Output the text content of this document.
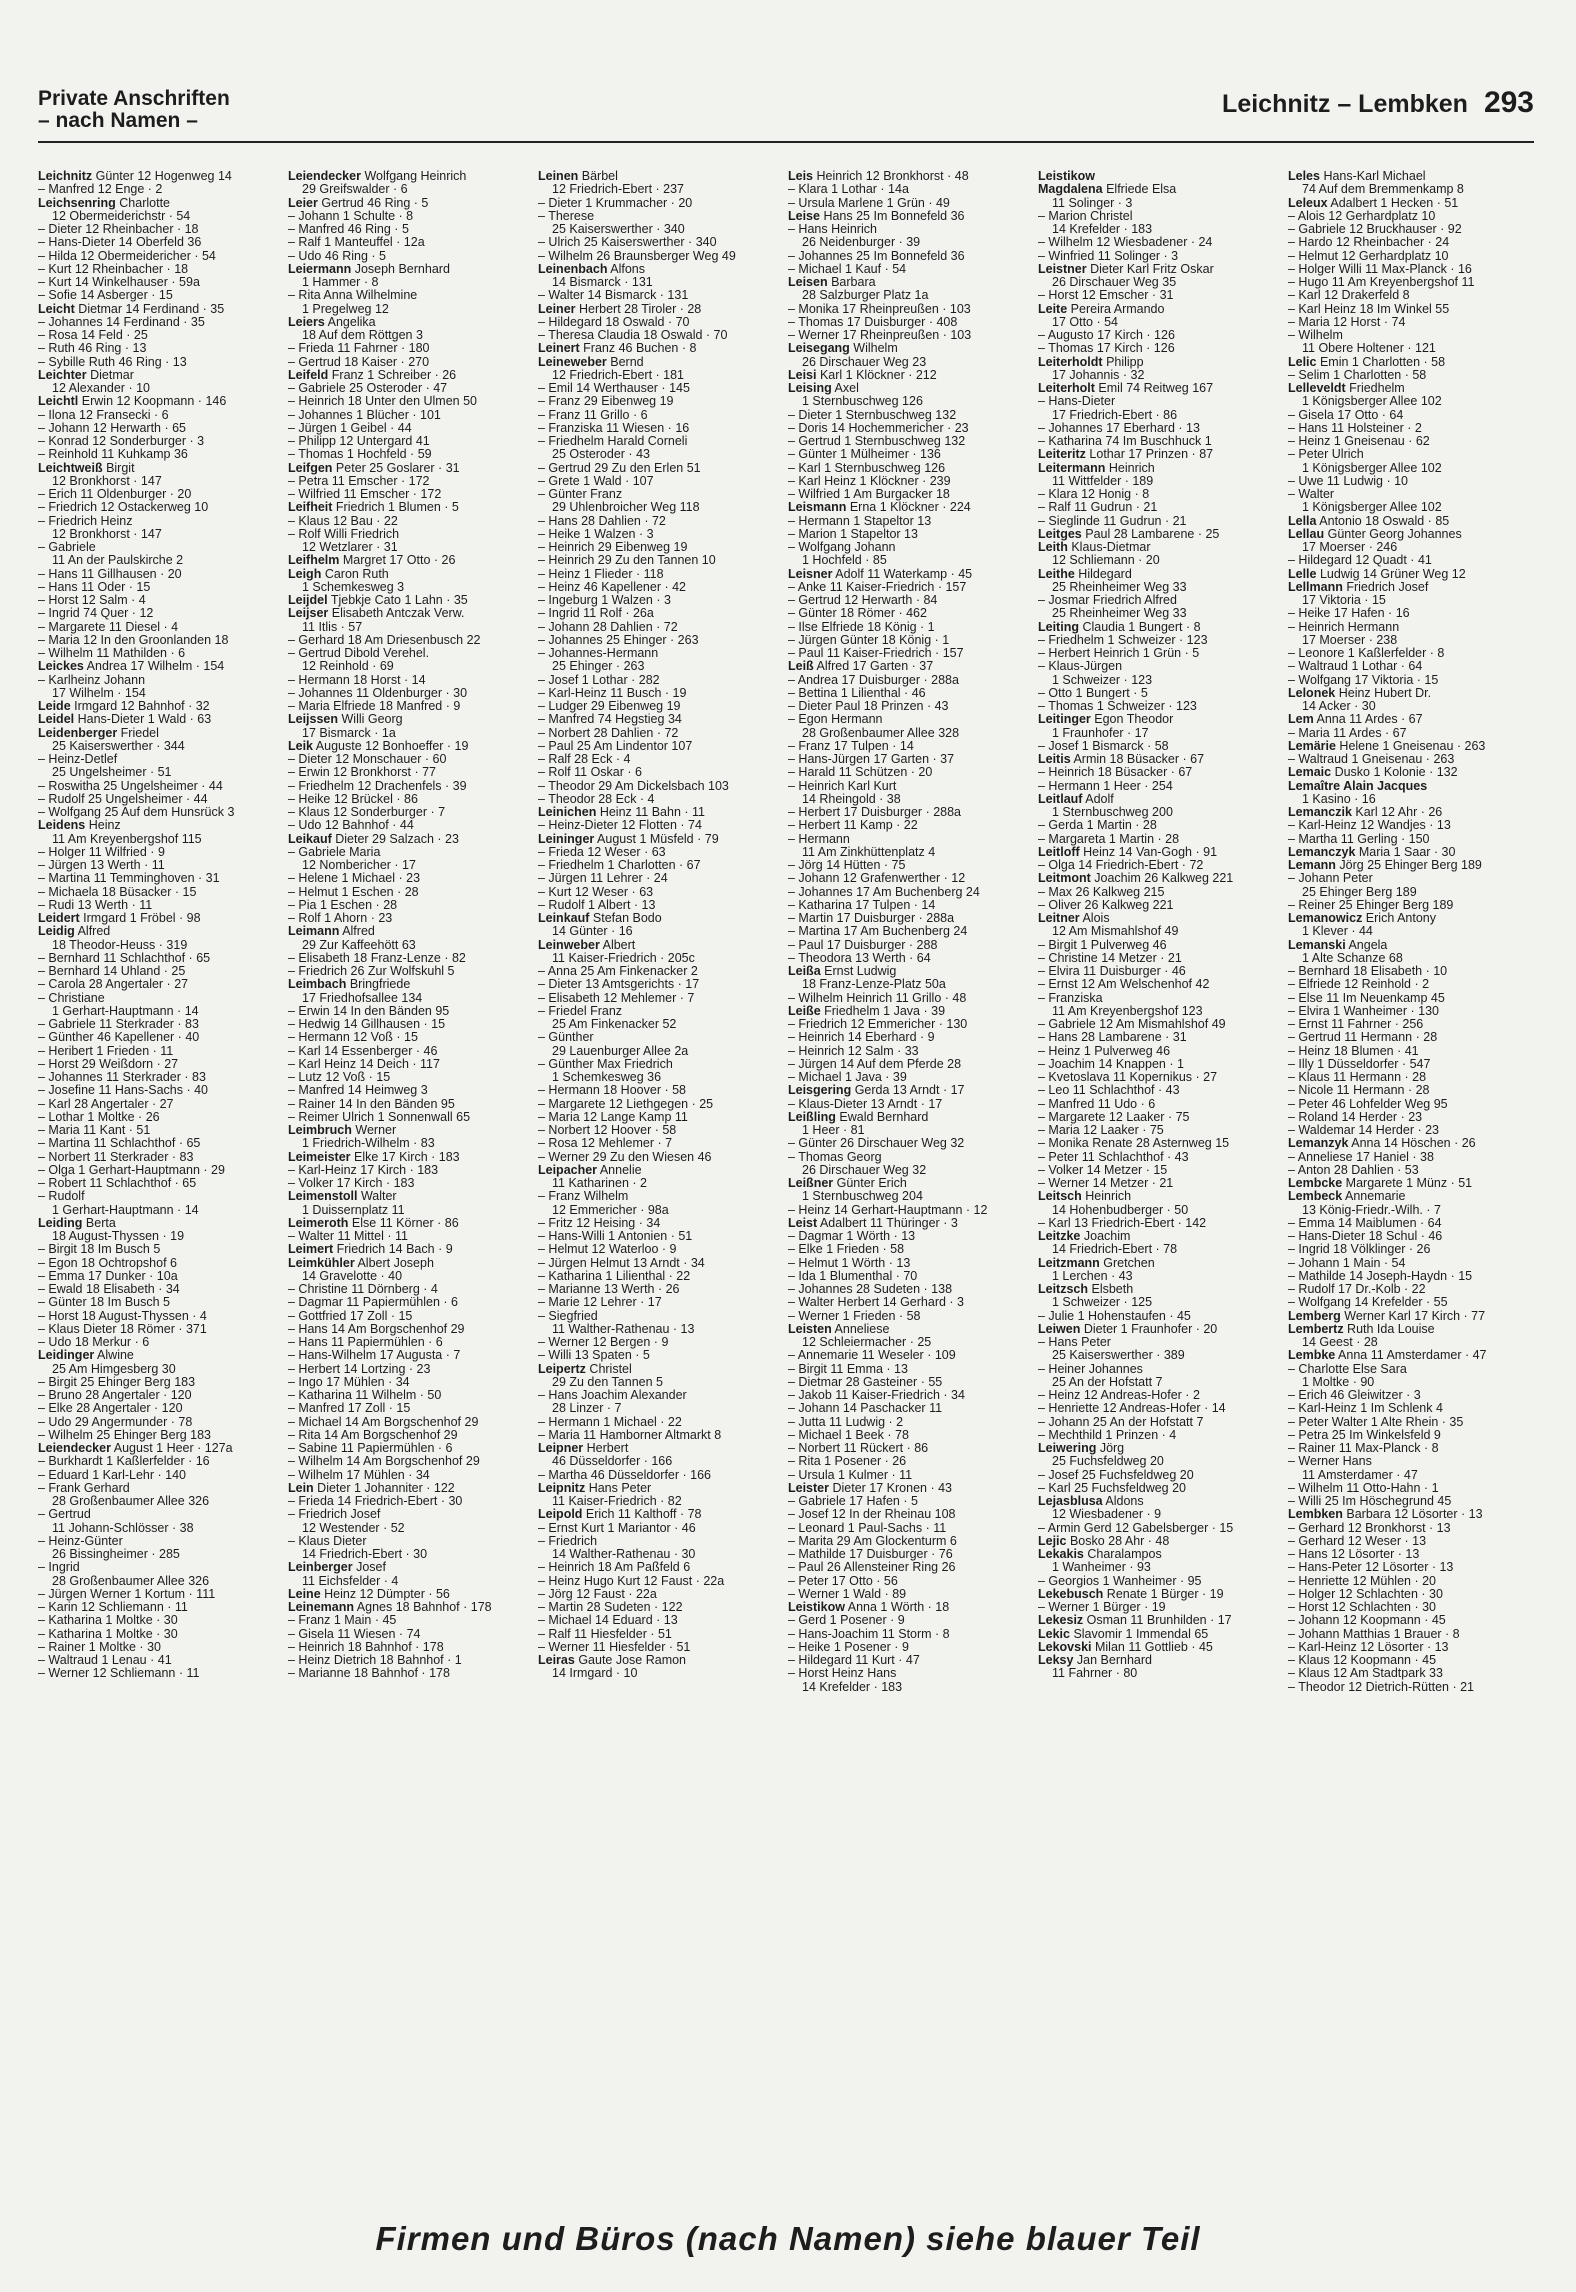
Private Anschriften
– nach Namen –
Leichnitz – Lembken 293
Leichnitz Günter 12 Hogenweg 14
– Manfred 12 Enge · 2
Leichsenring Charlotte
12 Obermeiderichstr · 54
– Dieter 12 Rheinbacher · 18
– Hans-Dieter 14 Oberfeld 36
– Hilda 12 Obermeidericher · 54
– Kurt 12 Rheinbacher · 18
– Kurt 14 Winkelhauser · 59a
– Sofie 14 Asberger · 15
Leicht Dietmar 14 Ferdinand · 35
– Johannes 14 Ferdinand · 35
– Rosa 14 Feld · 25
– Ruth 46 Ring · 13
– Sybille Ruth 46 Ring · 13
Leichter Dietmar
12 Alexander · 10
Leichtl Erwin 12 Koopmann · 146
– Ilona 12 Fransecki · 6
– Johann 12 Herwarth · 65
– Konrad 12 Sonderburger · 3
– Reinhold 11 Kuhkamp 36
Leichtweiß Birgit
12 Bronkhorst · 147
– Erich 11 Oldenburger · 20
– Friedrich 12 Ostackerweg 10
– Friedrich Heinz
12 Bronkhorst · 147
– Gabriele
11 An der Paulskirche 2
– Hans 11 Gillhausen · 20
– Hans 11 Oder · 15
– Horst 12 Salm · 4
– Ingrid 74 Quer · 12
– Margarete 11 Diesel · 4
– Maria 12 In den Groonlanden 18
– Wilhelm 11 Mathilden · 6
Leickes Andrea 17 Wilhelm · 154
– Karlheinz Johann
17 Wilhelm · 154
Leide Irmgard 12 Bahnhof · 32
Leidel Hans-Dieter 1 Wald · 63
Leidenberger Friedel
25 Kaiserswerther · 344
– Heinz-Detlef
25 Ungelsheimer · 51
– Roswitha 25 Ungelsheimer · 44
– Rudolf 25 Ungelsheimer · 44
– Wolfgang 25 Auf dem Hunsrück 3
Leidens Heinz
11 Am Kreyenbergshof 115
– Holger 11 Wilfried · 9
– Jürgen 13 Werth · 11
– Martina 11 Temminghoven · 31
– Michaela 18 Büsacker · 15
– Rudi 13 Werth · 11
Leidert Irmgard 1 Fröbel · 98
Leidig Alfred
18 Theodor-Heuss · 319
– Bernhard 11 Schlachthof · 65
– Bernhard 14 Uhland · 25
– Carola 28 Angertaler · 27
– Christiane
1 Gerhart-Hauptmann · 14
– Gabriele 11 Sterkrader · 83
– Günther 46 Kapellener · 40
– Heribert 1 Frieden · 11
– Horst 29 Weißdorn · 27
– Johannes 11 Sterkrader · 83
– Josefine 11 Hans-Sachs · 40
– Karl 28 Angertaler · 27
– Lothar 1 Moltke · 26
– Maria 11 Kant · 51
– Martina 11 Schlachthof · 65
– Norbert 11 Sterkrader · 83
– Olga 1 Gerhart-Hauptmann · 29
– Robert 11 Schlachthof · 65
– Rudolf
1 Gerhart-Hauptmann · 14
Leiding Berta
18 August-Thyssen · 19
– Birgit 18 Im Busch 5
– Egon 18 Ochtropshof 6
– Emma 17 Dunker · 10a
– Ewald 18 Elisabeth · 34
– Günter 18 Im Busch 5
– Horst 18 August-Thyssen · 4
– Klaus Dieter 18 Römer · 371
– Udo 18 Merkur · 6
Leidinger Alwine
25 Am Himgesberg 30
– Birgit 25 Ehinger Berg 183
– Bruno 28 Angertaler · 120
– Elke 28 Angertaler · 120
– Udo 29 Angermunder · 78
– Wilhelm 25 Ehinger Berg 183
Leiendecker August 1 Heer · 127a
– Burkhardt 1 Kaßlerfelder · 16
– Eduard 1 Karl-Lehr · 140
– Frank Gerhard
28 Großenbaumer Allee 326
– Gertrud
11 Johann-Schlösser · 38
– Heinz-Günter
26 Bissingheimer · 285
– Ingrid
28 Großenbaumer Allee 326
– Jürgen Werner 1 Kortum · 111
– Karin 12 Schliemann · 11
– Katharina 1 Moltke · 30
– Katharina 1 Moltke · 30
– Rainer 1 Moltke · 30
– Waltraud 1 Lenau · 41
– Werner 12 Schliemann · 11
Leiendecker Wolfgang Heinrich
29 Greifswalder · 6
Leier Gertrud 46 Ring · 5
– Johann 1 Schulte · 8
– Manfred 46 Ring · 5
– Ralf 1 Manteuffel · 12a
– Udo 46 Ring · 5
Leiermann Joseph Bernhard
1 Hammer · 8
– Rita Anna Wilhelmine
1 Pregelweg 12
Leiers Angelika
18 Auf dem Röttgen 3
– Frieda 11 Fahrner · 180
– Gertrud 18 Kaiser · 270
Leifeld Franz 1 Schreiber · 26
– Gabriele 25 Osteroder · 47
– Heinrich 18 Unter den Ulmen 50
– Johannes 1 Blücher · 101
– Jürgen 1 Geibel · 44
– Philipp 12 Untergard 41
– Thomas 1 Hochfeld · 59
Leifgen Peter 25 Goslarer · 31
– Petra 11 Emscher · 172
– Wilfried 11 Emscher · 172
Leifheit Friedrich 1 Blumen · 5
– Klaus 12 Bau · 22
– Rolf Willi Friedrich
12 Wetzlarer · 31
Leifhelm Margret 17 Otto · 26
Leigh Caron Ruth
1 Schemkesweg 3
Leijdel Tjebkje Cato 1 Lahn · 35
Leijser Elisabeth Antczak Verw.
11 Itlis · 57
– Gerhard 18 Am Driesenbusch 22
– Gertrud Dibold Verehel.
12 Reinhold · 69
– Hermann 18 Horst · 14
– Johannes 11 Oldenburger · 30
– Maria Elfriede 18 Manfred · 9
Leijssen Willi Georg
17 Bismarck · 1a
Leik Auguste 12 Bonhoeffer · 19
– Dieter 12 Monschauer · 60
– Erwin 12 Bronkhorst · 77
– Friedhelm 12 Drachenfels · 39
– Heike 12 Brückel · 86
– Klaus 12 Sonderburger · 7
– Udo 12 Bahnhof · 44
Leikauf Dieter 29 Salzach · 23
– Gabriele Maria
12 Nombericher · 17
– Helene 1 Michael · 23
– Helmut 1 Eschen · 28
– Pia 1 Eschen · 28
– Rolf 1 Ahorn · 23
Leimann Alfred
29 Zur Kaffeehött 63
– Elisabeth 18 Franz-Lenze · 82
– Friedrich 26 Zur Wolfskuhl 5
Leimbach Bringfriede
17 Friedhofsallee 134
– Erwin 14 In den Bänden 95
– Hedwig 14 Gillhausen · 15
– Hermann 12 Voß · 15
– Karl 14 Essenberger · 46
– Karl Heinz 14 Deich · 117
– Lutz 12 Voß · 15
– Manfred 14 Heimweg 3
– Rainer 14 In den Bänden 95
– Reimer Ulrich 1 Sonnenwall 65
Leimbruch Werner
1 Friedrich-Wilhelm · 83
Leimeister Elke 17 Kirch · 183
– Karl-Heinz 17 Kirch · 183
– Volker 17 Kirch · 183
Leimenstoll Walter
1 Duissernplatz 11
Leimeroth Else 11 Körner · 86
– Walter 11 Mittel · 11
Leimert Friedrich 14 Bach · 9
Leimkühler Albert Joseph
14 Gravelotte · 40
– Christine 11 Dörnberg · 4
– Dagmar 11 Papiermühlen · 6
– Gottfried 17 Zoll · 15
– Hans 14 Am Borgschenhof 29
– Hans 11 Papiermühlen · 6
– Hans-Wilhelm 17 Augusta · 7
– Herbert 14 Lortzing · 23
– Ingo 17 Mühlen · 34
– Katharina 11 Wilhelm · 50
– Manfred 17 Zoll · 15
– Michael 14 Am Borgschenhof 29
– Rita 14 Am Borgschenhof 29
– Sabine 11 Papiermühlen · 6
– Wilhelm 14 Am Borgschenhof 29
– Wilhelm 17 Mühlen · 34
Lein Dieter 1 Johanniter · 122
– Frieda 14 Friedrich-Ebert · 30
– Friedrich Josef
12 Westender · 52
– Klaus Dieter
14 Friedrich-Ebert · 30
Leinberger Josef
11 Eichsfelder · 4
Leine Heinz 12 Dümpter · 56
Leinemann Agnes 18 Bahnhof · 178
– Franz 1 Main · 45
– Gisela 11 Wiesen · 74
– Heinrich 18 Bahnhof · 178
– Heinz Dietrich 18 Bahnhof · 1
– Marianne 18 Bahnhof · 178
Leinen Bärbel
12 Friedrich-Ebert · 237
– Dieter 1 Krummacher · 20
– Therese
25 Kaiserswerther · 340
– Ulrich 25 Kaiserswerther · 340
– Wilhelm 26 Braunsberger Weg 49
Leinenbach Alfons
14 Bismarck · 131
– Walter 14 Bismarck · 131
Leiner Herbert 28 Tiroler · 28
– Hildegard 18 Oswald · 70
– Theresa Claudia 18 Oswald · 70
Leinert Franz 46 Buchen · 8
Leineweber Bernd
12 Friedrich-Ebert · 181
– Emil 14 Werthauser · 145
– Franz 29 Eibenweg 19
– Franz 11 Grillo · 6
– Franziska 11 Wiesen · 16
– Friedhelm Harald Corneli
25 Osteroder · 43
– Gertrud 29 Zu den Erlen 51
– Grete 1 Wald · 107
– Günter Franz
29 Uhlenbroicher Weg 118
– Hans 28 Dahlien · 72
– Heike 1 Walzen · 3
– Heinrich 29 Eibenweg 19
– Heinrich 29 Zu den Tannen 10
– Heinz 1 Flieder · 118
– Heinz 46 Kapellener · 42
– Ingeburg 1 Walzen · 3
– Ingrid 11 Rolf · 26a
– Johann 28 Dahlien · 72
– Johannes 25 Ehinger · 263
– Johannes-Hermann
25 Ehinger · 263
– Josef 1 Lothar · 282
– Karl-Heinz 11 Busch · 19
– Ludger 29 Eibenweg 19
– Manfred 74 Hegstieg 34
– Norbert 28 Dahlien · 72
– Paul 25 Am Lindentor 107
– Ralf 28 Eck · 4
– Rolf 11 Oskar · 6
– Theodor 29 Am Dickelsbach 103
– Theodor 28 Eck · 4
Leinichen Heinz 11 Bahn · 11
– Heinz-Dieter 12 Flotten · 74
Leininger August 1 Müsfeld · 79
– Frieda 12 Weser · 63
– Friedhelm 1 Charlotten · 67
– Jürgen 11 Lehrer · 24
– Kurt 12 Weser · 63
– Rudolf 1 Albert · 13
Leinkauf Stefan Bodo
14 Günter · 16
Leinweber Albert
11 Kaiser-Friedrich · 205c
– Anna 25 Am Finkenacker 2
– Dieter 13 Amtsgerichts · 17
– Elisabeth 12 Mehlemer · 7
– Friedel Franz
25 Am Finkenacker 52
– Günther
29 Lauenburger Allee 2a
– Günther Max Friedrich
1 Schemkesweg 36
– Hermann 18 Hoover · 58
– Margarete 12 Liethgegen · 25
– Maria 12 Lange Kamp 11
– Norbert 12 Hoover · 58
– Rosa 12 Mehlemer · 7
– Werner 29 Zu den Wiesen 46
Leipacher Annelie
11 Katharinen · 2
– Franz Wilhelm
12 Emmericher · 98a
– Fritz 12 Heising · 34
– Hans-Willi 1 Antonien · 51
– Helmut 12 Waterloo · 9
– Jürgen Helmut 13 Arndt · 34
– Katharina 1 Lilienthal · 22
– Marianne 13 Werth · 26
– Marie 12 Lehrer · 17
– Siegfried
11 Walther-Rathenau · 13
– Werner 12 Bergen · 9
– Willi 13 Spaten · 5
Leipertz Christel
29 Zu den Tannen 5
– Hans Joachim Alexander
28 Linzer · 7
– Hermann 1 Michael · 22
– Maria 11 Hamborner Altmarkt 8
Leipner Herbert
46 Düsseldorfer · 166
– Martha 46 Düsseldorfer · 166
Leipnitz Hans Peter
11 Kaiser-Friedrich · 82
Leipold Erich 11 Kalthoff · 78
– Ernst Kurt 1 Mariantor · 46
– Friedrich
14 Walther-Rathenau · 30
– Heinrich 18 Am Paßfeld 6
– Heinz Hugo Kurt 12 Faust · 22a
– Jörg 12 Faust · 22a
– Martin 28 Sudeten · 122
– Michael 14 Eduard · 13
– Ralf 11 Hiesfelder · 51
– Werner 11 Hiesfelder · 51
Leiras Gaute Jose Ramon
14 Irmgard · 10
Leis Heinrich 12 Bronkhorst · 48
– Klara 1 Lothar · 14a
– Ursula Marlene 1 Grün · 49
Leise Hans 25 Im Bonnefeld 36
– Hans Heinrich
26 Neidenburger · 39
– Johannes 25 Im Bonnefeld 36
– Michael 1 Kauf · 54
Leisen Barbara
28 Salzburger Platz 1a
– Monika 17 Rheinpreußen · 103
– Thomas 17 Duisburger · 408
– Werner 17 Rheinpreußen · 103
Leisegang Wilhelm
26 Dirschauer Weg 23
Leisi Karl 1 Klöckner · 212
Leising Axel
1 Sternbuschweg 126
– Dieter 1 Sternbuschweg 132
– Doris 14 Hochemmericher · 23
– Gertrud 1 Sternbuschweg 132
– Günter 1 Mülheimer · 136
– Karl 1 Sternbuschweg 126
– Karl Heinz 1 Klöckner · 239
– Wilfried 1 Am Burgacker 18
Leismann Erna 1 Klöckner · 224
– Hermann 1 Stapeltor 13
– Marion 1 Stapeltor 13
– Wolfgang Johann
1 Hochfeld · 85
Leisner Adolf 11 Waterkamp · 45
– Anke 11 Kaiser-Friedrich · 157
– Gertrud 12 Herwarth · 84
– Günter 18 Römer · 462
– Ilse Elfriede 18 König · 1
– Jürgen Günter 18 König · 1
– Paul 11 Kaiser-Friedrich · 157
Leiß Alfred 17 Garten · 37
– Andrea 17 Duisburger · 288a
– Bettina 1 Lilienthal · 46
– Dieter Paul 18 Prinzen · 43
– Egon Hermann
28 Großenbaumer Allee 328
– Franz 17 Tulpen · 14
– Hans-Jürgen 17 Garten · 37
– Harald 11 Schützen · 20
– Heinrich Karl Kurt
14 Rheingold · 38
– Herbert 17 Duisburger · 288a
– Herbert 11 Kamp · 22
– Hermann
11 Am Zinkhüttenplatz 4
– Jörg 14 Hütten · 75
– Johann 12 Grafenwerther · 12
– Johannes 17 Am Buchenberg 24
– Katharina 17 Tulpen · 14
– Martin 17 Duisburger · 288a
– Martina 17 Am Buchenberg 24
– Paul 17 Duisburger · 288
– Theodora 13 Werth · 64
Leißa Ernst Ludwig
18 Franz-Lenze-Platz 50a
– Wilhelm Heinrich 11 Grillo · 48
Leiße Friedhelm 1 Java · 39
– Friedrich 12 Emmericher · 130
– Heinrich 14 Eberhard · 9
– Heinrich 12 Salm · 33
– Jürgen 14 Auf dem Pferde 28
– Michael 1 Java · 39
Leisgering Gerda 13 Arndt · 17
– Klaus-Dieter 13 Arndt · 17
Leißling Ewald Bernhard
1 Heer · 81
– Günter 26 Dirschauer Weg 32
– Thomas Georg
26 Dirschauer Weg 32
Leißner Günter Erich
1 Sternbuschweg 204
– Heinz 14 Gerhart-Hauptmann · 12
Leist Adalbert 11 Thüringer · 3
– Dagmar 1 Wörth · 13
– Elke 1 Frieden · 58
– Helmut 1 Wörth · 13
– Ida 1 Blumenthal · 70
– Johannes 28 Sudeten · 138
– Walter Herbert 14 Gerhard · 3
– Werner 1 Frieden · 58
Leisten Anneliese
12 Schleiermacher · 25
– Annemarie 11 Weseler · 109
– Birgit 11 Emma · 13
– Dietmar 28 Gasteiner · 55
– Jakob 11 Kaiser-Friedrich · 34
– Johann 14 Paschacker 11
– Jutta 11 Ludwig · 2
– Michael 1 Beek · 78
– Norbert 11 Rückert · 86
– Rita 1 Posener · 26
– Ursula 1 Kulmer · 11
Leister Dieter 17 Kronen · 43
– Gabriele 17 Hafen · 5
– Josef 12 In der Rheinau 108
– Leonard 1 Paul-Sachs · 11
– Marita 29 Am Glockenturm 6
– Mathilde 17 Duisburger · 76
– Paul 26 Allensteiner Ring 26
– Peter 17 Otto · 56
– Werner 1 Wald · 89
Leistikow Anna 1 Wörth · 18
– Gerd 1 Posener · 9
– Hans-Joachim 11 Storm · 8
– Heike 1 Posener · 9
– Hildegard 11 Kurt · 47
– Horst Heinz Hans
14 Krefelder · 183
Leistikow
Magdalena Elfriede Elsa
11 Solinger · 3
– Marion Christel
14 Krefelder · 183
– Wilhelm 12 Wiesbadener · 24
– Winfried 11 Solinger · 3
Leistner Dieter Karl Fritz Oskar
26 Dirschauer Weg 35
– Horst 12 Emscher · 31
Leite Pereira Armando
17 Otto · 54
– Augusto 17 Kirch · 126
– Thomas 17 Kirch · 126
Leiterholdt Philipp
17 Johannis · 32
Leiterholt Emil 74 Reitweg 167
– Hans-Dieter
17 Friedrich-Ebert · 86
– Johannes 17 Eberhard · 13
– Katharina 74 Im Buschhuck 1
Leiteritz Lothar 17 Prinzen · 87
Leitermann Heinrich
11 Wittfelder · 189
– Klara 12 Honig · 8
– Ralf 11 Gudrun · 21
– Sieglinde 11 Gudrun · 21
Leitges Paul 28 Lambarene · 25
Leith Klaus-Dietmar
12 Schliemann · 20
Leithe Hildegard
25 Rheinheimer Weg 33
– Josmar Friedrich Alfred
25 Rheinheimer Weg 33
Leiting Claudia 1 Bungert · 8
– Friedhelm 1 Schweizer · 123
– Herbert Heinrich 1 Grün · 5
– Klaus-Jürgen
1 Schweizer · 123
– Otto 1 Bungert · 5
– Thomas 1 Schweizer · 123
Leitinger Egon Theodor
1 Fraunhofer · 17
– Josef 1 Bismarck · 58
Leitis Armin 18 Büsacker · 67
– Heinrich 18 Büsacker · 67
– Hermann 1 Heer · 254
Leitlauf Adolf
1 Sternbuschweg 200
– Gerda 1 Martin · 28
– Margareta 1 Martin · 28
Leitloff Heinz 14 Van-Gogh · 91
– Olga 14 Friedrich-Ebert · 72
Leitmont Joachim 26 Kalkweg 221
– Max 26 Kalkweg 215
– Oliver 26 Kalkweg 221
Leitner Alois
12 Am Mismahlshof 49
– Birgit 1 Pulverweg 46
– Christine 14 Metzer · 21
– Elvira 11 Duisburger · 46
– Ernst 12 Am Welschenhof 42
– Franziska
11 Am Kreyenbergshof 123
– Gabriele 12 Am Mismahlshof 49
– Hans 28 Lambarene · 31
– Heinz 1 Pulverweg 46
– Joachim 14 Knappen · 1
– Kvetoslava 11 Kopernikus · 27
– Leo 11 Schlachthof · 43
– Manfred 11 Udo · 6
– Margarete 12 Laaker · 75
– Maria 12 Laaker · 75
– Monika Renate 28 Asternweg 15
– Peter 11 Schlachthof · 43
– Volker 14 Metzer · 15
– Werner 14 Metzer · 21
Leitsch Heinrich
14 Hohenbudberger · 50
– Karl 13 Friedrich-Ebert · 142
Leitzke Joachim
14 Friedrich-Ebert · 78
Leitzmann Gretchen
1 Lerchen · 43
Leitzsch Elsbeth
1 Schweizer · 125
– Julie 1 Hohenstaufen · 45
Leiwen Dieter 1 Fraunhofer · 20
– Hans Peter
25 Kaiserswerther · 389
– Heiner Johannes
25 An der Hofstatt 7
– Heinz 12 Andreas-Hofer · 2
– Henriette 12 Andreas-Hofer · 14
– Johann 25 An der Hofstatt 7
– Mechthild 1 Prinzen · 4
Leiwering Jörg
25 Fuchsfeldweg 20
– Josef 25 Fuchsfeldweg 20
– Karl 25 Fuchsfeldweg 20
Lejasblusa Aldons
12 Wiesbadener · 9
– Armin Gerd 12 Gabelsberger · 15
Lejic Bosko 28 Ahr · 48
Lekakis Charalampos
1 Wanheimer · 93
– Georgios 1 Wanheimer · 95
Lekebusch Renate 1 Bürger · 19
– Werner 1 Bürger · 19
Lekesiz Osman 11 Brunhilden · 17
Lekic Slavomir 1 Immendal 65
Lekovski Milan 11 Gottlieb · 45
Leksy Jan Bernhard
11 Fahrner · 80
Leles Hans-Karl Michael
74 Auf dem Bremmenkamp 8
Leleux Adalbert 1 Hecken · 51
– Alois 12 Gerhardplatz 10
– Gabriele 12 Bruckhauser · 92
– Hardo 12 Rheinbacher · 24
– Helmut 12 Gerhardplatz 10
– Holger Willi 11 Max-Planck · 16
– Hugo 11 Am Kreyenbergshof 11
– Karl 12 Drakerfeld 8
– Karl Heinz 18 Im Winkel 55
– Maria 12 Horst · 74
– Wilhelm
11 Obere Holtener · 121
Lelic Emin 1 Charlotten · 58
– Selim 1 Charlotten · 58
Lelleveldt Friedhelm
1 Königsberger Allee 102
– Gisela 17 Otto · 64
– Hans 11 Holsteiner · 2
– Heinz 1 Gneisenau · 62
– Peter Ulrich
1 Königsberger Allee 102
– Uwe 11 Ludwig · 10
– Walter
1 Königsberger Allee 102
Lella Antonio 18 Oswald · 85
Lellau Günter Georg Johannes
17 Moerser · 246
– Hildegard 12 Quadt · 41
Lelle Ludwig 14 Grüner Weg 12
Lellmann Friedrich Josef
17 Viktoria · 15
– Heike 17 Hafen · 16
– Heinrich Hermann
17 Moerser · 238
– Leonore 1 Kaßlerfelder · 8
– Waltraud 1 Lothar · 64
– Wolfgang 17 Viktoria · 15
Lelonek Heinz Hubert Dr.
14 Acker · 30
Lem Anna 11 Ardes · 67
– Maria 11 Ardes · 67
Lemärie Helene 1 Gneisenau · 263
– Waltraud 1 Gneisenau · 263
Lemaic Dusko 1 Kolonie · 132
Lemaître Alain Jacques
1 Kasino · 16
Lemanczik Karl 12 Ahr · 26
– Karl-Heinz 12 Wandjes · 13
– Martha 11 Gerling · 150
Lemanczyk Maria 1 Saar · 30
Lemann Jörg 25 Ehinger Berg 189
– Johann Peter
25 Ehinger Berg 189
– Reiner 25 Ehinger Berg 189
Lemanowicz Erich Antony
1 Klever · 44
Lemanski Angela
1 Alte Schanze 68
– Bernhard 18 Elisabeth · 10
– Elfriede 12 Reinhold · 2
– Else 11 Im Neuenkamp 45
– Elvira 1 Wanheimer · 130
– Ernst 11 Fahrner · 256
– Gertrud 11 Hermann · 28
– Heinz 18 Blumen · 41
– Illy 1 Düsseldorfer · 547
– Klaus 11 Hermann · 28
– Nicole 11 Hermann · 28
– Peter 46 Lohfelder Weg 95
– Roland 14 Herder · 23
– Waldemar 14 Herder · 23
Lemanzyk Anna 14 Höschen · 26
– Anneliese 17 Haniel · 38
– Anton 28 Dahlien · 53
Lembcke Margarete 1 Münz · 51
Lembeck Annemarie
13 König-Friedr.-Wilh. · 7
– Emma 14 Maiblumen · 64
– Hans-Dieter 18 Schul · 46
– Ingrid 18 Völklinger · 26
– Johann 1 Main · 54
– Mathilde 14 Joseph-Haydn · 15
– Rudolf 17 Dr.-Kolb · 22
– Wolfgang 14 Krefelder · 55
Lemberg Werner Karl 17 Kirch · 77
Lembertz Ruth Ida Louise
14 Geest · 28
Lembke Anna 11 Amsterdamer · 47
– Charlotte Else Sara
1 Moltke · 90
– Erich 46 Gleiwitzer · 3
– Karl-Heinz 1 Im Schlenk 4
– Peter Walter 1 Alte Rhein · 35
– Petra 25 Im Winkelsfeld 9
– Rainer 11 Max-Planck · 8
– Werner Hans
11 Amsterdamer · 47
– Wilhelm 11 Otto-Hahn · 1
– Willi 25 Im Höschegrund 45
Lembken Barbara 12 Lösorter · 13
– Gerhard 12 Bronkhorst · 13
– Gerhard 12 Weser · 13
– Hans 12 Lösorter · 13
– Hans-Peter 12 Lösorter · 13
– Henriette 12 Mühlen · 20
– Holger 12 Schlachten · 30
– Horst 12 Schlachten · 30
– Johann 12 Koopmann · 45
– Johann Matthias 1 Brauer · 8
– Karl-Heinz 12 Lösorter · 13
– Klaus 12 Koopmann · 45
– Klaus 12 Am Stadtpark 33
– Theodor 12 Dietrich-Rütten · 21
Firmen und Büros (nach Namen) siehe blauer Teil
